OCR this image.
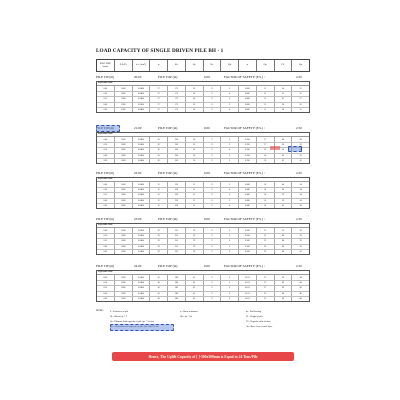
LOAD CAPACITY OF SINGLE DRIVEN PILE BH - 1
PILE SIZE (mm)	P (kN)	σ’v (t/m²)	φ	Ks	Qs	Nc	Qb	α	Qu	FS	Qa
PILE TIP (m)	20.00	PILE TOP (m)	0.00	FACTOR OF SAFETY (F.S.) :	2.50
SQUARE PILE
0.40	1.600	0.0484	27	175	26	9	0	0.066	13	34	25
0.50	1.800	0.0484	27	175	26	9	0	0.066	13	35	25
0.55	1.900	0.0484	27	175	26	9	0	0.066	13	47	27
0.60	1.900	0.0384	27	175	26	9	0	0.066	13	58	30
0.65	1.900	0.0484	27	175	26	9	0	0.066	11	58	31
PILE TIP (m)	21.00	PILE TOP (m)	0.00	FACTOR OF SAFETY (F.S.) :	2.50
SQUARE PILE
0.40	1.600	0.0484	30	200	30	9	0	0.356	17	40	38
0.50	1.800	0.0484	30	200	30	9	0	0.356	17	56	39
0.55	1.800	0.0484	30	200	30	9	0	0.356	16	58	39
0.60	1.800	0.0484	30	200	30	9	0	0.356	16	58	39
0.65	1.800	0.0484	30	200	30	9	0	0.356	16	61	41
PILE TIP (m)	22.00	PILE TOP (m)	0.00	FACTOR OF SAFETY (F.S.) :	2.50
SQUARE PILE
0.40	1.600	0.0484	35	230	35	9	0	0.436	18	48	34
0.50	1.800	0.0484	35	230	35	9	0	0.436	18	58	34
0.55	1.800	0.0484	35	230	35	9	0	0.436	18	59	34
0.60	1.800	0.0484	35	230	35	9	0	0.436	16	59	34
0.65	1.800	0.0484	35	230	35	9	0	0.436	16	61	36
PILE TIP (m)	23.00	PILE TOP (m)	0.00	FACTOR OF SAFETY (F.S.) :	2.50
SQUARE PILE
0.40	1.600	0.0484	39	255	39	9	0	0.506	22	53	39
0.50	1.800	0.0484	39	255	39	9	0	0.506	22	64	39
0.55	1.800	0.0484	39	255	39	9	0	0.506	22	64	39
0.60	1.800	0.0484	39	255	39	9	0	0.506	20	64	39
0.65	1.800	0.0484	39	255	39	9	0	0.506	20	64	41
PILE TIP (m)	24.00	PILE TOP (m)	0.00	FACTOR OF SAFETY (F.S.) :	2.50
SQUARE PILE
0.40	1.600	0.0484	43	280	43	9	0	0.611	27	58	44
0.50	1.800	0.0484	43	280	43	9	0	0.611	27	69	44
0.55	1.800	0.0484	43	280	43	9	0	0.611	27	69	45
0.60	1.800	0.0484	43	280	43	9	0	0.611	25	69	46
0.65	1.800	0.0484	43	280	43	9	0	0.611	25	69	48
NOTE :	P : Perimeter of pile
Qf : Skin of qf * P
Qs : Ultimate load capacity of pile (qs * As) ton
Qa : Allowable load capacity of pile (Qs+Qb)/FS ton
φ : Shear resistance
Qb : qb * Ab
qs : End bearing
W : Weight of pile
FS : Negative skin friction
Ab : Base Area of each layer
Hence, The Uplift Capacity of [ ]-300x300mm is Equal to 24 Tons/Pile
